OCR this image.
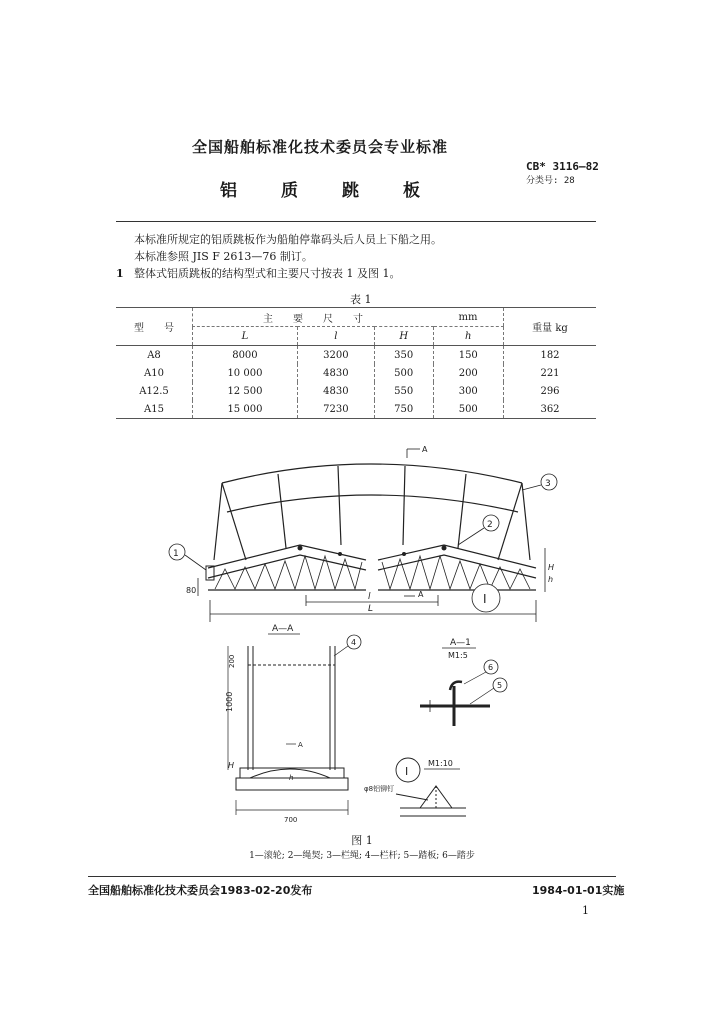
全国船舶标准化技术委员会专业标准
CB* 3116—82
分类号: 28
铝质跳板
本标准所规定的铝质跳板作为船舶停靠码头后人员上下船之用。
本标准参照 JIS F 2613—76 制订。
1 整体式铝质跳板的结构型式和主要尺寸按表 1 及图 1。
表 1
型　　号	主　　要　　尺　　寸			mm	重量 kg
	L	l	H	h	
A8	8000	3200	350	150	182
A10	10 000	4830	500	200	221
A12.5	12 500	4830	550	300	296
A15	15 000	7230	750	500	362
A
A
l
L
H
h
80
1
2
3
I
A—A
4
200
1000
H
h
700
A
A—1
M1:5
6
5
I
M1:10
φ8铝铆钉
图 1
1—滚轮; 2—绳契; 3—栏绳; 4—栏杆; 5—踏板; 6—踏步
全国船舶标准化技术委员会1983-02-20发布	1984-01-01实施
1
